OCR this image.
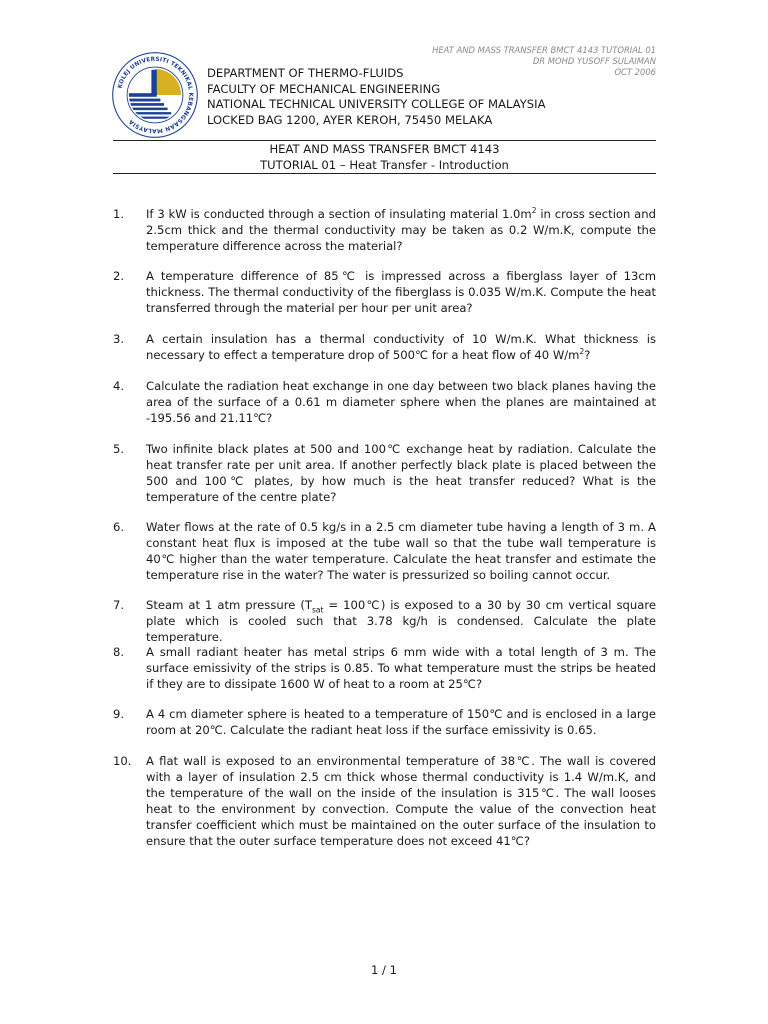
HEAT AND MASS TRANSFER BMCT 4143 TUTORIAL 01
DR MOHD YUSOFF SULAIMAN
OCT 2006
KOLEJ UNIVERSITI TEKNIKAL KEBANGSAAN MALAYSIA
DEPARTMENT OF THERMO-FLUIDS
FACULTY OF MECHANICAL ENGINEERING
NATIONAL TECHNICAL UNIVERSITY COLLEGE OF MALAYSIA
LOCKED BAG 1200, AYER KEROH, 75450 MELAKA
HEAT AND MASS TRANSFER BMCT 4143
TUTORIAL 01 – Heat Transfer - Introduction
1.	If 3 kW is conducted through a section of insulating material $1.0m^2$ in cross section and 2.5cm thick and the thermal conductivity may be taken as 0.2 W/m.K, compute the temperature difference across the material?
2.	A temperature difference of 85℃ is impressed across a fiberglass layer of 13cm thickness. The thermal conductivity of the fiberglass is 0.035 W/m.K. Compute the heat transferred through the material per hour per unit area?
3.	A certain insulation has a thermal conductivity of 10 W/m.K. What thickness is necessary to effect a temperature drop of 500℃ for a heat flow of 40 $W/m^2$?
4.	Calculate the radiation heat exchange in one day between two black planes having the area of the surface of a 0.61 m diameter sphere when the planes are maintained at -195.56 and 21.11℃?
5.	Two infinite black plates at 500 and 100℃ exchange heat by radiation. Calculate the heat transfer rate per unit area. If another perfectly black plate is placed between the 500 and 100℃ plates, by how much is the heat transfer reduced? What is the temperature of the centre plate?
6.	Water flows at the rate of 0.5 kg/s in a 2.5 cm diameter tube having a length of 3 m. A constant heat flux is imposed at the tube wall so that the tube wall temperature is 40℃ higher than the water temperature. Calculate the heat transfer and estimate the temperature rise in the water? The water is pressurized so boiling cannot occur.
7.	Steam at 1 atm pressure ($T_{sat}$ = 100℃) is exposed to a 30 by 30 cm vertical square plate which is cooled such that 3.78 kg/h is condensed. Calculate the plate temperature.
8.	A small radiant heater has metal strips 6 mm wide with a total length of 3 m. The surface emissivity of the strips is 0.85. To what temperature must the strips be heated if they are to dissipate 1600 W of heat to a room at 25℃?
9.	A 4 cm diameter sphere is heated to a temperature of 150℃ and is enclosed in a large room at 20℃. Calculate the radiant heat loss if the surface emissivity is 0.65.
10.	A flat wall is exposed to an environmental temperature of 38℃. The wall is covered with a layer of insulation 2.5 cm thick whose thermal conductivity is 1.4 W/m.K, and the temperature of the wall on the inside of the insulation is 315℃. The wall looses heat to the environment by convection. Compute the value of the convection heat transfer coefficient which must be maintained on the outer surface of the insulation to ensure that the outer surface temperature does not exceed 41℃?
1 / 1
